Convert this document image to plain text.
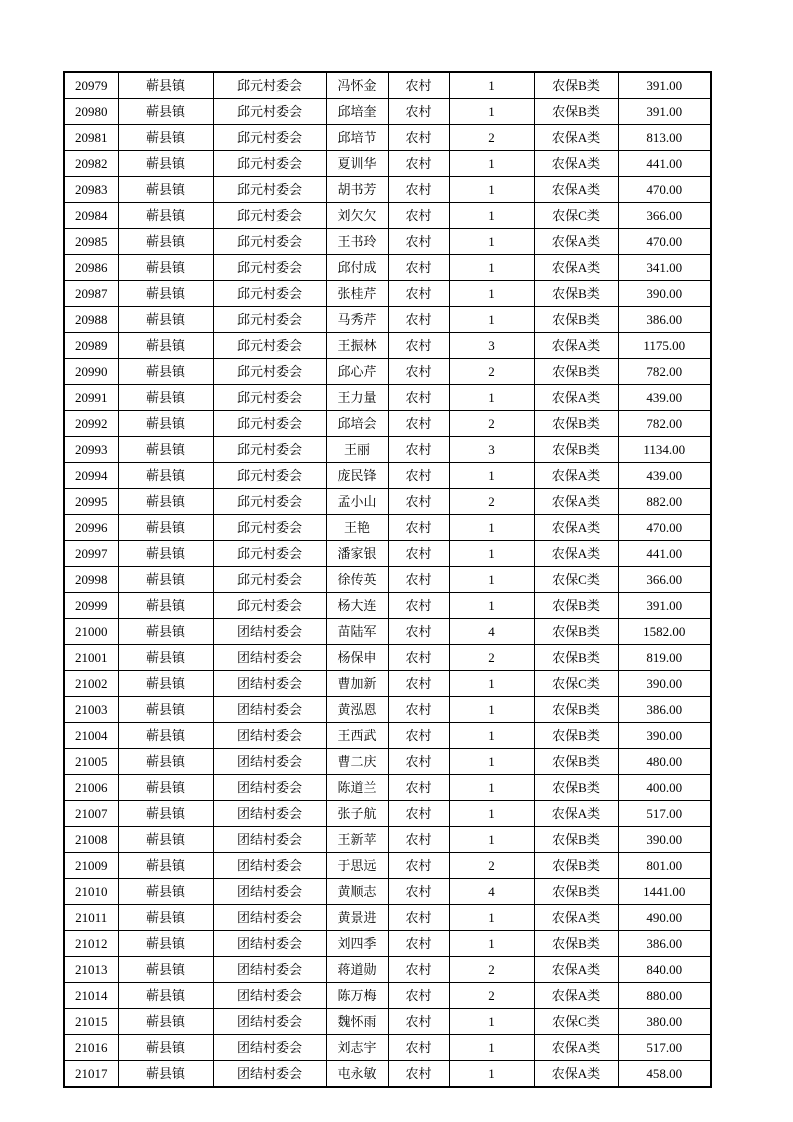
20979	蕲县镇	邱元村委会	冯怀金	农村	1	农保B类	391.00
20980	蕲县镇	邱元村委会	邱培奎	农村	1	农保B类	391.00
20981	蕲县镇	邱元村委会	邱培节	农村	2	农保A类	813.00
20982	蕲县镇	邱元村委会	夏训华	农村	1	农保A类	441.00
20983	蕲县镇	邱元村委会	胡书芳	农村	1	农保A类	470.00
20984	蕲县镇	邱元村委会	刘欠欠	农村	1	农保C类	366.00
20985	蕲县镇	邱元村委会	王书玲	农村	1	农保A类	470.00
20986	蕲县镇	邱元村委会	邱付成	农村	1	农保A类	341.00
20987	蕲县镇	邱元村委会	张桂芹	农村	1	农保B类	390.00
20988	蕲县镇	邱元村委会	马秀芹	农村	1	农保B类	386.00
20989	蕲县镇	邱元村委会	王振林	农村	3	农保A类	1175.00
20990	蕲县镇	邱元村委会	邱心芹	农村	2	农保B类	782.00
20991	蕲县镇	邱元村委会	王力量	农村	1	农保A类	439.00
20992	蕲县镇	邱元村委会	邱培会	农村	2	农保B类	782.00
20993	蕲县镇	邱元村委会	王丽	农村	3	农保B类	1134.00
20994	蕲县镇	邱元村委会	庞民锋	农村	1	农保A类	439.00
20995	蕲县镇	邱元村委会	孟小山	农村	2	农保A类	882.00
20996	蕲县镇	邱元村委会	王艳	农村	1	农保A类	470.00
20997	蕲县镇	邱元村委会	潘家银	农村	1	农保A类	441.00
20998	蕲县镇	邱元村委会	徐传英	农村	1	农保C类	366.00
20999	蕲县镇	邱元村委会	杨大连	农村	1	农保B类	391.00
21000	蕲县镇	团结村委会	苗陆军	农村	4	农保B类	1582.00
21001	蕲县镇	团结村委会	杨保申	农村	2	农保B类	819.00
21002	蕲县镇	团结村委会	曹加新	农村	1	农保C类	390.00
21003	蕲县镇	团结村委会	黄泓恩	农村	1	农保B类	386.00
21004	蕲县镇	团结村委会	王西武	农村	1	农保B类	390.00
21005	蕲县镇	团结村委会	曹二庆	农村	1	农保B类	480.00
21006	蕲县镇	团结村委会	陈道兰	农村	1	农保B类	400.00
21007	蕲县镇	团结村委会	张子航	农村	1	农保A类	517.00
21008	蕲县镇	团结村委会	王新苹	农村	1	农保B类	390.00
21009	蕲县镇	团结村委会	于思远	农村	2	农保B类	801.00
21010	蕲县镇	团结村委会	黄顺志	农村	4	农保B类	1441.00
21011	蕲县镇	团结村委会	黄景进	农村	1	农保A类	490.00
21012	蕲县镇	团结村委会	刘四季	农村	1	农保B类	386.00
21013	蕲县镇	团结村委会	蒋道勋	农村	2	农保A类	840.00
21014	蕲县镇	团结村委会	陈万梅	农村	2	农保A类	880.00
21015	蕲县镇	团结村委会	魏怀雨	农村	1	农保C类	380.00
21016	蕲县镇	团结村委会	刘志宇	农村	1	农保A类	517.00
21017	蕲县镇	团结村委会	屯永敏	农村	1	农保A类	458.00
